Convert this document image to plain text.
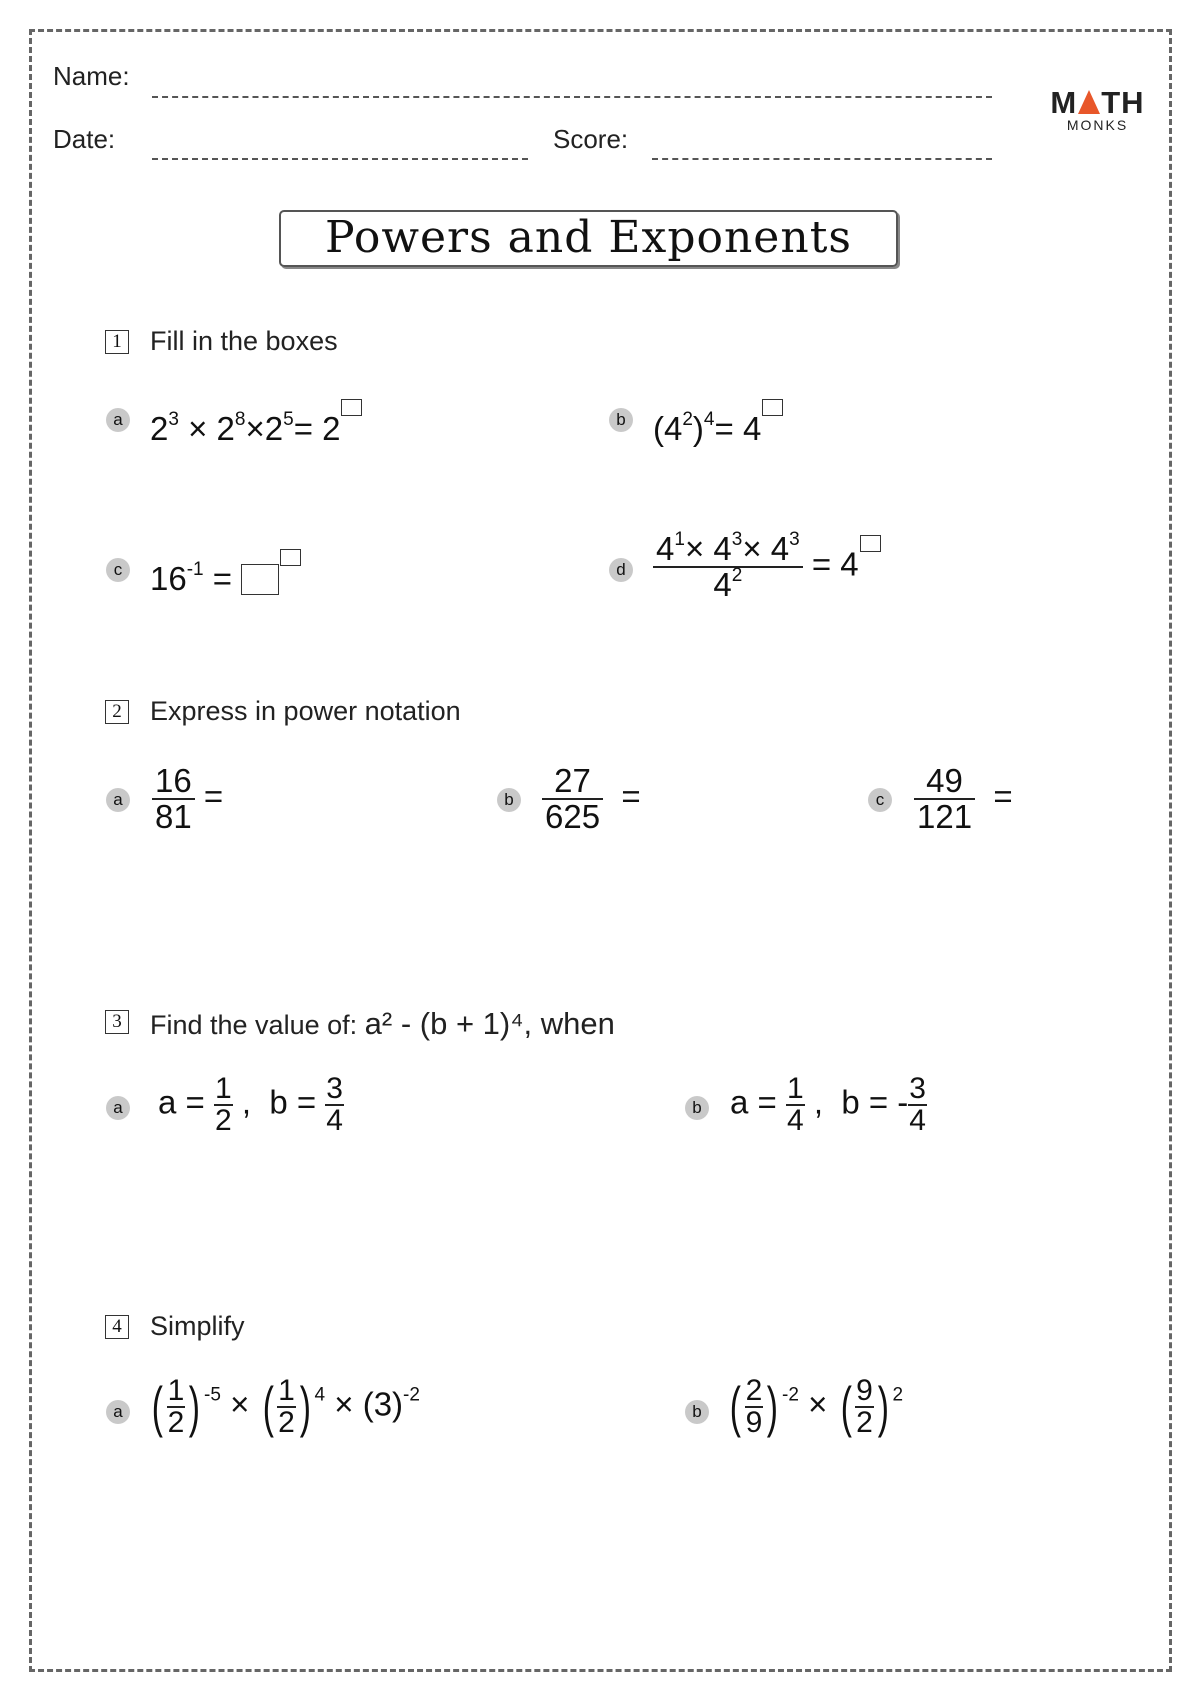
Name:
Date:	Score:
M TH
MONKS
Powers and Exponents
1 Fill in the boxes
a $2^3 \times 2^8\times 2^5= 2$	b $(4^2)^4= 4$
c $16^{-1}$ =	d $\frac{4^1\times 4^3\times 4^3}{4^2} = 4$
2 Express in power notation
a $\frac{16}{81}$ =	b $\frac{27}{625}$ =	c $\frac{49}{121}$ =
3 Find the value of: a² - (b + 1)⁴, when
a $a = \frac{1}{2}$ ,  $b = \frac{3}{4}$	b $a = \frac{1}{4}$ ,  b = - $\frac{3}{4}$
4 Simplify
a ( $\frac{1}{2}$ ) $^{-5}$ × ( $\frac{1}{2}$ ) $^4 \times (3)^{-2}$
b ( $\frac{2}{9}$ ) $^{-2}$ × ( $\frac{9}{2}$ ) $^2$
